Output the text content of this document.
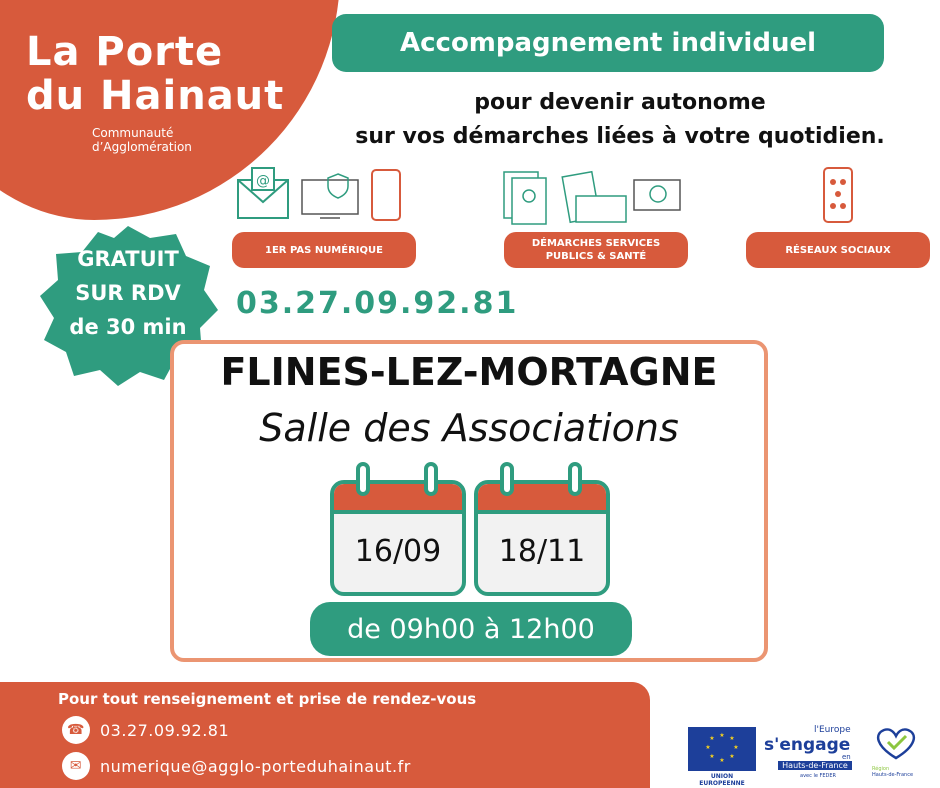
La Porte
du Hainaut
Communauté
d’Agglomération
Accompagnement individuel
pour devenir autonome
sur vos démarches liées à votre quotidien.
@
1ER PAS NUMÉRIQUE
DÉMARCHES SERVICES
PUBLICS & SANTÉ
RÉSEAUX SOCIAUX
GRATUIT
SUR RDV
de 30 min
03.27.09.92.81
FLINES-LEZ-MORTAGNE
Salle des Associations
16/09	18/11
de 09h00 à 12h00
Pour tout renseignement et prise de rendez-vous
☎ 03.27.09.92.81
✉	numerique@agglo-porteduhainaut.fr
★ ★
★
★
★
★
★
★
UNION EUROPEENNE
l'Europe
s'engage
en
Hauts-de-France
avec le FEDER
Région
Hauts-de-France
